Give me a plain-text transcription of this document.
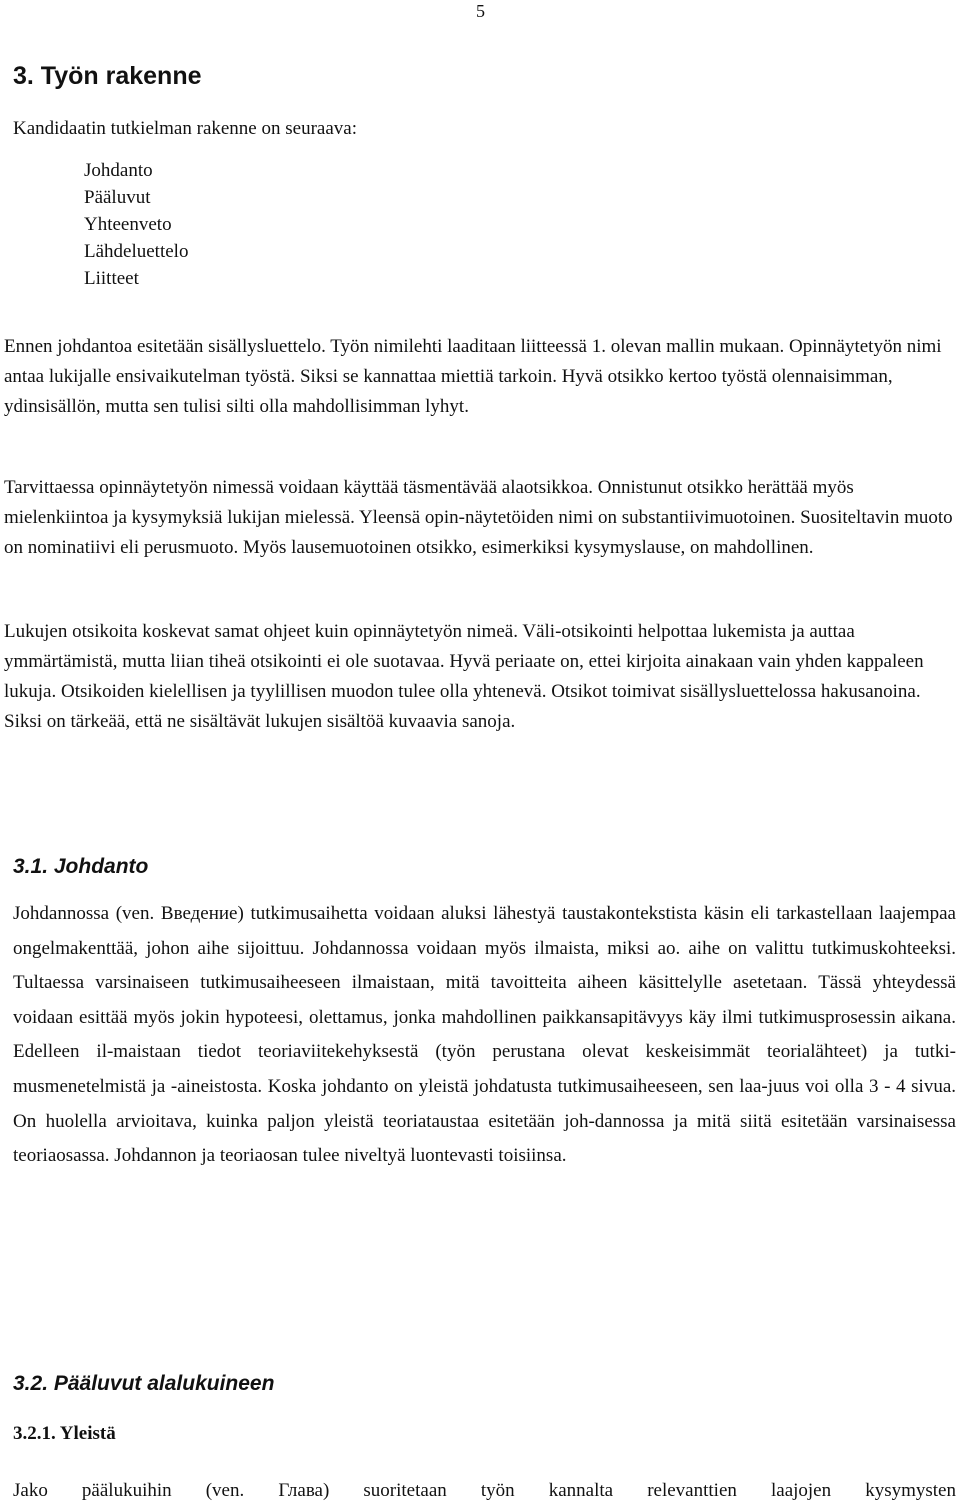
5
3. Työn rakenne

Kandidaatin tutkielman rakenne on seuraava:

Johdanto
Pääluvut
Yhteenveto
Lähdeluettelo
Liitteet

Ennen johdantoa esitetään sisällysluettelo. Työn nimilehti laaditaan liitteessä 1. olevan mallin mukaan. Opinnäytetyön nimi antaa lukijalle ensivaikutelman työstä. Siksi se kannattaa miettiä tarkoin. Hyvä otsikko kertoo työstä olennaisimman, ydinsisällön, mutta sen tulisi silti olla mahdollisimman lyhyt.

Tarvittaessa opinnäytetyön nimessä voidaan käyttää täsmentävää alaotsikkoa. Onnistunut otsikko herättää myös mielenkiintoa ja kysymyksiä lukijan mielessä. Yleensä opin-näytetöiden nimi on substantiivimuotoinen. Suositeltavin muoto on nominatiivi eli perusmuoto. Myös lausemuotoinen otsikko, esimerkiksi kysymyslause, on mahdollinen.

Lukujen otsikoita koskevat samat ohjeet kuin opinnäytetyön nimeä. Väli-otsikointi helpottaa lukemista ja auttaa ymmärtämistä, mutta liian tiheä otsikointi ei ole suotavaa. Hyvä periaate on, ettei kirjoita ainakaan vain yhden kappaleen lukuja. Otsikoiden kielellisen ja tyylillisen muodon tulee olla yhtenevä. Otsikot toimivat sisällysluettelossa hakusanoina. Siksi on tärkeää, että ne sisältävät lukujen sisältöä kuvaavia sanoja.

3.1. Johdanto

Johdannossa (ven. Введение) tutkimusaihetta voidaan aluksi lähestyä taustakontekstista käsin eli tarkastellaan laajempaa ongelmakenttää, johon aihe sijoittuu. Johdannossa voidaan myös ilmaista, miksi ao. aihe on valittu tutkimuskohteeksi. Tultaessa varsinaiseen tutkimusaiheeseen ilmaistaan, mitä tavoitteita aiheen käsittelylle asetetaan. Tässä yhteydessä voidaan esittää myös jokin hypoteesi, olettamus, jonka mahdollinen paikkansapitävyys käy ilmi tutkimusprosessin aikana. Edelleen il-maistaan tiedot teoriaviitekehyksestä (työn perustana olevat keskeisimmät teorialähteet) ja tutki-musmenetelmistä ja -aineistosta. Koska johdanto on yleistä johdatusta tutkimusaiheeseen, sen laa-juus voi olla 3 - 4 sivua. On huolella arvioitava, kuinka paljon yleistä teoriataustaa esitetään joh-dannossa ja mitä siitä esitetään varsinaisessa teoriaosassa. Johdannon ja teoriaosan tulee niveltyä luontevasti toisiinsa.

3.2. Pääluvut alalukuineen
3.2.1. Yleistä

Jako päälukuihin (ven. Глава) suoritetaan työn kannalta relevanttien laajojen kysymysten
